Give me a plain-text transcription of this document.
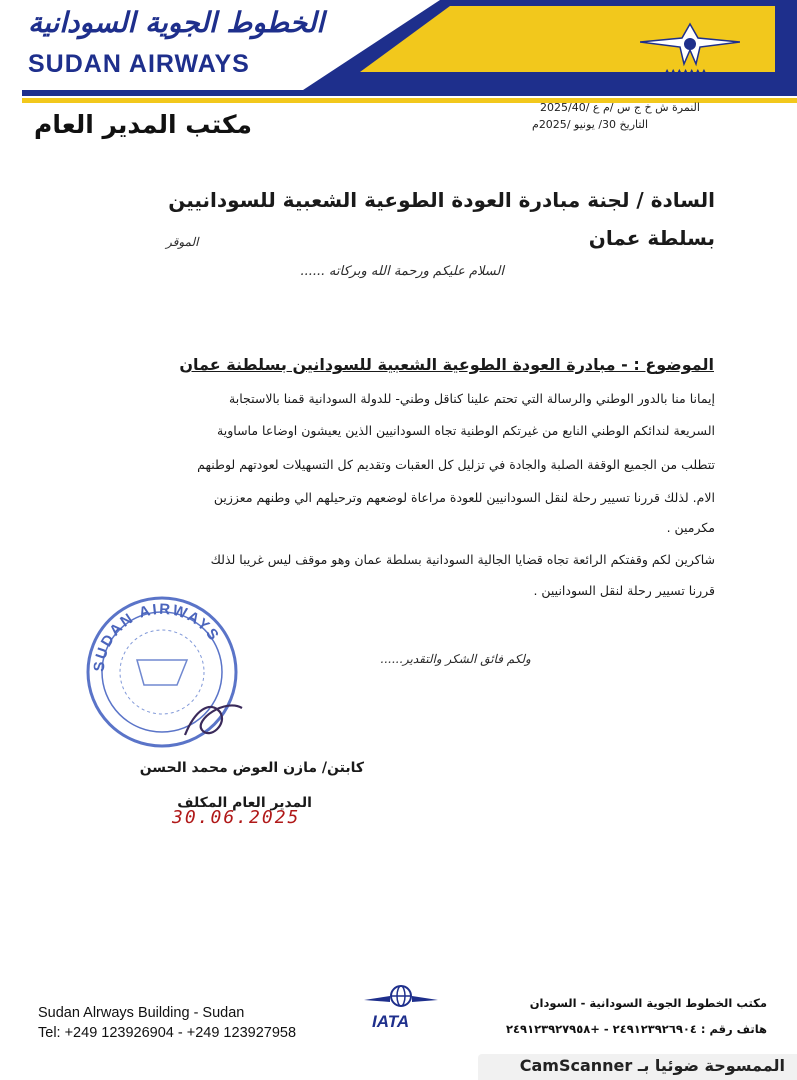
▲▲▲▲▲▲▲
الخطوط الجوية السودانية
SUDAN AIRWAYS
مكتب المدير العام
النمرة ش خ ج س /م ع /2025/40
التاريخ 30/ يونيو /2025م
السادة / لجنة مبادرة العودة الطوعية الشعبية للسودانيين
بسلطة عمان
الموقر
السلام عليكم ورحمة الله وبركاته ......
الموضوع : - مبادرة العودة الطوعية الشعبية للسودانين بسلطنة عمان
إيمانا منا بالدور الوطني والرسالة التي تحتم علينا كناقل وطني- للدولة السودانية قمنا بالاستجابة
السريعة لندائكم الوطني النابع من غيرتكم الوطنية تجاه السودانيين الذين يعيشون اوضاعا ماساوية
تتطلب من الجميع الوقفة الصلبة والجادة في تزليل كل العقبات وتقديم كل التسهيلات لعودتهم لوطنهم
الام. لذلك قررنا تسيير رحلة لنقل السودانيين للعودة مراعاة لوضعهم وترحيلهم الي وطنهم معززين
مكرمين .
شاكرين لكم وقفتكم الرائعة تجاه قضايا الجالية السودانية بسلطة عمان وهو موقف ليس غريبا لذلك
قررنا تسيير رحلة لنقل السودانيين .
ولكم فائق الشكر والتقدير......
SUDAN AIRWAYS
كابتن/ مازن العوض محمد الحسن
المدير العام المكلف
30.06.2025
Sudan Alrways Building - Sudan
Tel: +249 123926904 - +249 123927958
IATA
مكتب الخطوط الجوية السودانية - السودان
هاتف رقم : ٢٤٩١٢٣٩٢٦٩٠٤ - +٢٤٩١٢٣٩٢٧٩٥٨
الممسوحة ضوئيا بـ CamScanner
